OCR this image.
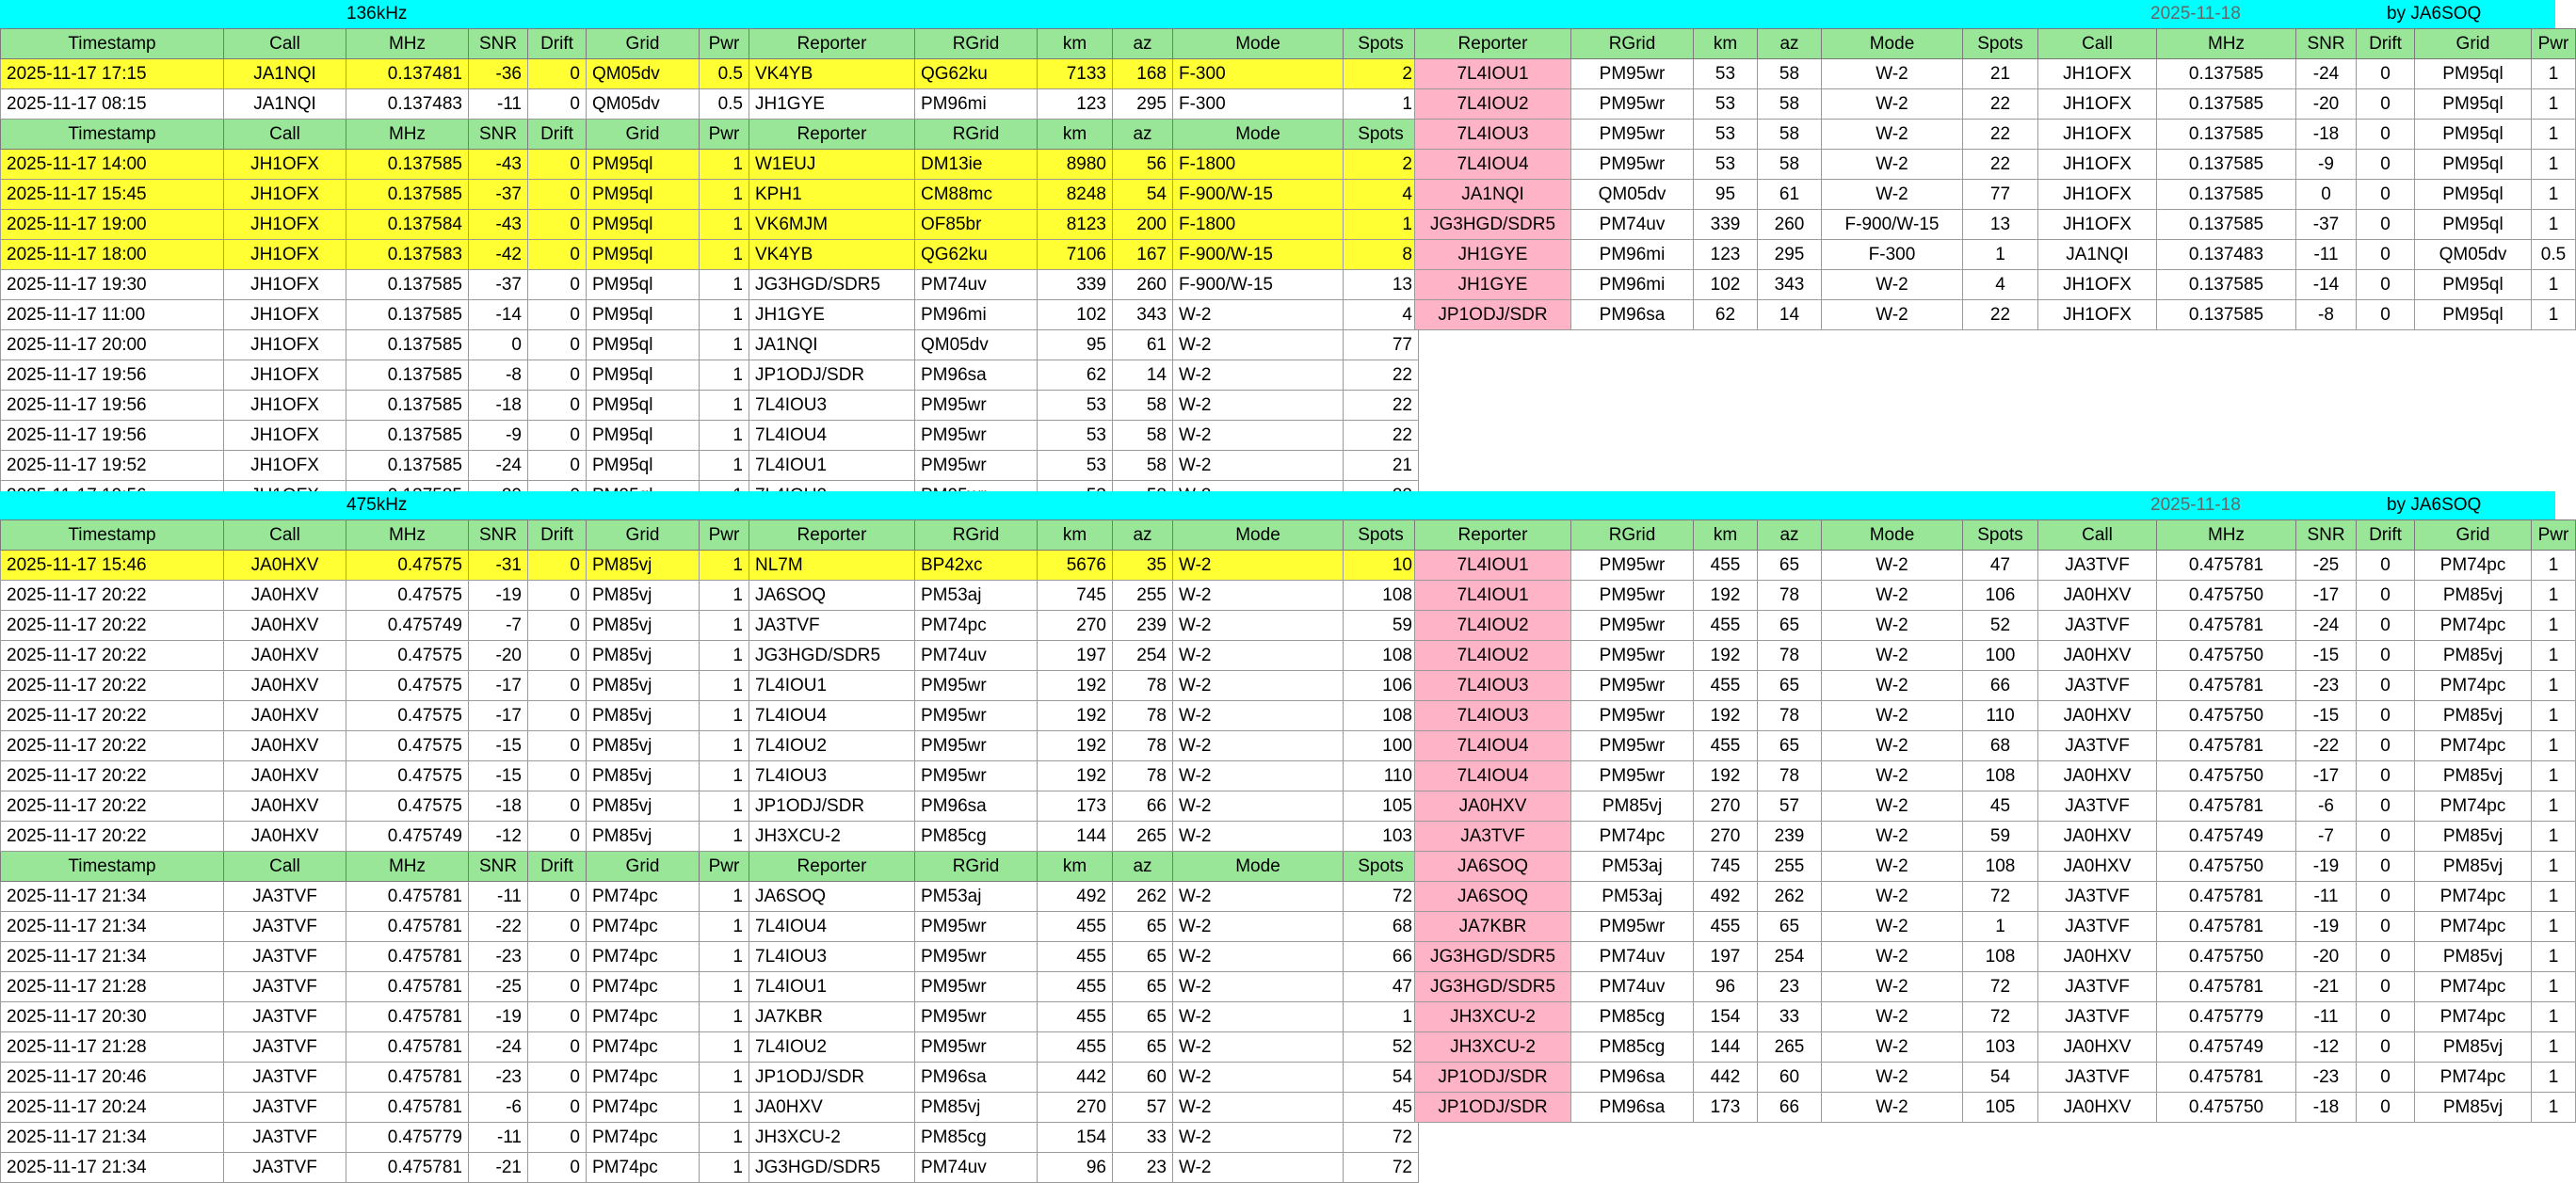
136kHz	2025-11-18	by JA6SOQ
Timestamp	Call	MHz	SNR	Drift	Grid	Pwr	Reporter	RGrid	km	az	Mode	Spots
2025-11-17 17:15	JA1NQI	0.137481	-36	0	QM05dv	0.5	VK4YB	QG62ku	7133	168	F-300	2
2025-11-17 08:15	JA1NQI	0.137483	-11	0	QM05dv	0.5	JH1GYE	PM96mi	123	295	F-300	1
Timestamp	Call	MHz	SNR	Drift	Grid	Pwr	Reporter	RGrid	km	az	Mode	Spots
2025-11-17 14:00	JH1OFX	0.137585	-43	0	PM95ql	1	W1EUJ	DM13ie	8980	56	F-1800	2
2025-11-17 15:45	JH1OFX	0.137585	-37	0	PM95ql	1	KPH1	CM88mc	8248	54	F-900/W-15	4
2025-11-17 19:00	JH1OFX	0.137584	-43	0	PM95ql	1	VK6MJM	OF85br	8123	200	F-1800	1
2025-11-17 18:00	JH1OFX	0.137583	-42	0	PM95ql	1	VK4YB	QG62ku	7106	167	F-900/W-15	8
2025-11-17 19:30	JH1OFX	0.137585	-37	0	PM95ql	1	JG3HGD/SDR5	PM74uv	339	260	F-900/W-15	13
2025-11-17 11:00	JH1OFX	0.137585	-14	0	PM95ql	1	JH1GYE	PM96mi	102	343	W-2	4
2025-11-17 20:00	JH1OFX	0.137585	0	0	PM95ql	1	JA1NQI	QM05dv	95	61	W-2	77
2025-11-17 19:56	JH1OFX	0.137585	-8	0	PM95ql	1	JP1ODJ/SDR	PM96sa	62	14	W-2	22
2025-11-17 19:56	JH1OFX	0.137585	-18	0	PM95ql	1	7L4IOU3	PM95wr	53	58	W-2	22
2025-11-17 19:56	JH1OFX	0.137585	-9	0	PM95ql	1	7L4IOU4	PM95wr	53	58	W-2	22
2025-11-17 19:52	JH1OFX	0.137585	-24	0	PM95ql	1	7L4IOU1	PM95wr	53	58	W-2	21

Reporter	RGrid	km	az	Mode	Spots	Call	MHz	SNR	Drift	Grid	Pwr
7L4IOU1	PM95wr	53	58	W-2	21	JH1OFX	0.137585	-24	0	PM95ql	1
7L4IOU2	PM95wr	53	58	W-2	22	JH1OFX	0.137585	-20	0	PM95ql	1
7L4IOU3	PM95wr	53	58	W-2	22	JH1OFX	0.137585	-18	0	PM95ql	1
7L4IOU4	PM95wr	53	58	W-2	22	JH1OFX	0.137585	-9	0	PM95ql	1
JA1NQI	QM05dv	95	61	W-2	77	JH1OFX	0.137585	0	0	PM95ql	1
JG3HGD/SDR5	PM74uv	339	260	F-900/W-15	13	JH1OFX	0.137585	-37	0	PM95ql	1
JH1GYE	PM96mi	123	295	F-300	1	JA1NQI	0.137483	-11	0	QM05dv	0.5
JH1GYE	PM96mi	102	343	W-2	4	JH1OFX	0.137585	-14	0	PM95ql	1
JP1ODJ/SDR	PM96sa	62	14	W-2	22	JH1OFX	0.137585	-8	0	PM95ql	1
475kHz	2025-11-18	by JA6SOQ
Timestamp	Call	MHz	SNR	Drift	Grid	Pwr	Reporter	RGrid	km	az	Mode	Spots
2025-11-17 15:46	JA0HXV	0.47575	-31	0	PM85vj	1	NL7M	BP42xc	5676	35	W-2	10
2025-11-17 20:22	JA0HXV	0.47575	-19	0	PM85vj	1	JA6SOQ	PM53aj	745	255	W-2	108
2025-11-17 20:22	JA0HXV	0.475749	-7	0	PM85vj	1	JA3TVF	PM74pc	270	239	W-2	59
2025-11-17 20:22	JA0HXV	0.47575	-20	0	PM85vj	1	JG3HGD/SDR5	PM74uv	197	254	W-2	108
2025-11-17 20:22	JA0HXV	0.47575	-17	0	PM85vj	1	7L4IOU1	PM95wr	192	78	W-2	106
2025-11-17 20:22	JA0HXV	0.47575	-17	0	PM85vj	1	7L4IOU4	PM95wr	192	78	W-2	108
2025-11-17 20:22	JA0HXV	0.47575	-15	0	PM85vj	1	7L4IOU2	PM95wr	192	78	W-2	100
2025-11-17 20:22	JA0HXV	0.47575	-15	0	PM85vj	1	7L4IOU3	PM95wr	192	78	W-2	110
2025-11-17 20:22	JA0HXV	0.47575	-18	0	PM85vj	1	JP1ODJ/SDR	PM96sa	173	66	W-2	105
2025-11-17 20:22	JA0HXV	0.475749	-12	0	PM85vj	1	JH3XCU-2	PM85cg	144	265	W-2	103
Timestamp	Call	MHz	SNR	Drift	Grid	Pwr	Reporter	RGrid	km	az	Mode	Spots
2025-11-17 21:34	JA3TVF	0.475781	-11	0	PM74pc	1	JA6SOQ	PM53aj	492	262	W-2	72
2025-11-17 21:34	JA3TVF	0.475781	-22	0	PM74pc	1	7L4IOU4	PM95wr	455	65	W-2	68
2025-11-17 21:34	JA3TVF	0.475781	-23	0	PM74pc	1	7L4IOU3	PM95wr	455	65	W-2	66
2025-11-17 21:28	JA3TVF	0.475781	-25	0	PM74pc	1	7L4IOU1	PM95wr	455	65	W-2	47
2025-11-17 20:30	JA3TVF	0.475781	-19	0	PM74pc	1	JA7KBR	PM95wr	455	65	W-2	1
2025-11-17 21:28	JA3TVF	0.475781	-24	0	PM74pc	1	7L4IOU2	PM95wr	455	65	W-2	52
2025-11-17 20:46	JA3TVF	0.475781	-23	0	PM74pc	1	JP1ODJ/SDR	PM96sa	442	60	W-2	54
2025-11-17 20:24	JA3TVF	0.475781	-6	0	PM74pc	1	JA0HXV	PM85vj	270	57	W-2	45
2025-11-17 21:34	JA3TVF	0.475779	-11	0	PM74pc	1	JH3XCU-2	PM85cg	154	33	W-2	72
2025-11-17 21:34	JA3TVF	0.475781	-21	0	PM74pc	1	JG3HGD/SDR5	PM74uv	96	23	W-2	72
Reporter	RGrid	km	az	Mode	Spots	Call	MHz	SNR	Drift	Grid	Pwr
7L4IOU1	PM95wr	455	65	W-2	47	JA3TVF	0.475781	-25	0	PM74pc	1
7L4IOU1	PM95wr	192	78	W-2	106	JA0HXV	0.475750	-17	0	PM85vj	1
7L4IOU2	PM95wr	455	65	W-2	52	JA3TVF	0.475781	-24	0	PM74pc	1
7L4IOU2	PM95wr	192	78	W-2	100	JA0HXV	0.475750	-15	0	PM85vj	1
7L4IOU3	PM95wr	455	65	W-2	66	JA3TVF	0.475781	-23	0	PM74pc	1
7L4IOU3	PM95wr	192	78	W-2	110	JA0HXV	0.475750	-15	0	PM85vj	1
7L4IOU4	PM95wr	455	65	W-2	68	JA3TVF	0.475781	-22	0	PM74pc	1
7L4IOU4	PM95wr	192	78	W-2	108	JA0HXV	0.475750	-17	0	PM85vj	1
JA0HXV	PM85vj	270	57	W-2	45	JA3TVF	0.475781	-6	0	PM74pc	1
JA3TVF	PM74pc	270	239	W-2	59	JA0HXV	0.475749	-7	0	PM85vj	1
JA6SOQ	PM53aj	745	255	W-2	108	JA0HXV	0.475750	-19	0	PM85vj	1
JA6SOQ	PM53aj	492	262	W-2	72	JA3TVF	0.475781	-11	0	PM74pc	1
JA7KBR	PM95wr	455	65	W-2	1	JA3TVF	0.475781	-19	0	PM74pc	1
JG3HGD/SDR5	PM74uv	197	254	W-2	108	JA0HXV	0.475750	-20	0	PM85vj	1
JG3HGD/SDR5	PM74uv	96	23	W-2	72	JA3TVF	0.475781	-21	0	PM74pc	1
JH3XCU-2	PM85cg	154	33	W-2	72	JA3TVF	0.475779	-11	0	PM74pc	1
JH3XCU-2	PM85cg	144	265	W-2	103	JA0HXV	0.475749	-12	0	PM85vj	1
JP1ODJ/SDR	PM96sa	442	60	W-2	54	JA3TVF	0.475781	-23	0	PM74pc	1
JP1ODJ/SDR	PM96sa	173	66	W-2	105	JA0HXV	0.475750	-18	0	PM85vj	1
